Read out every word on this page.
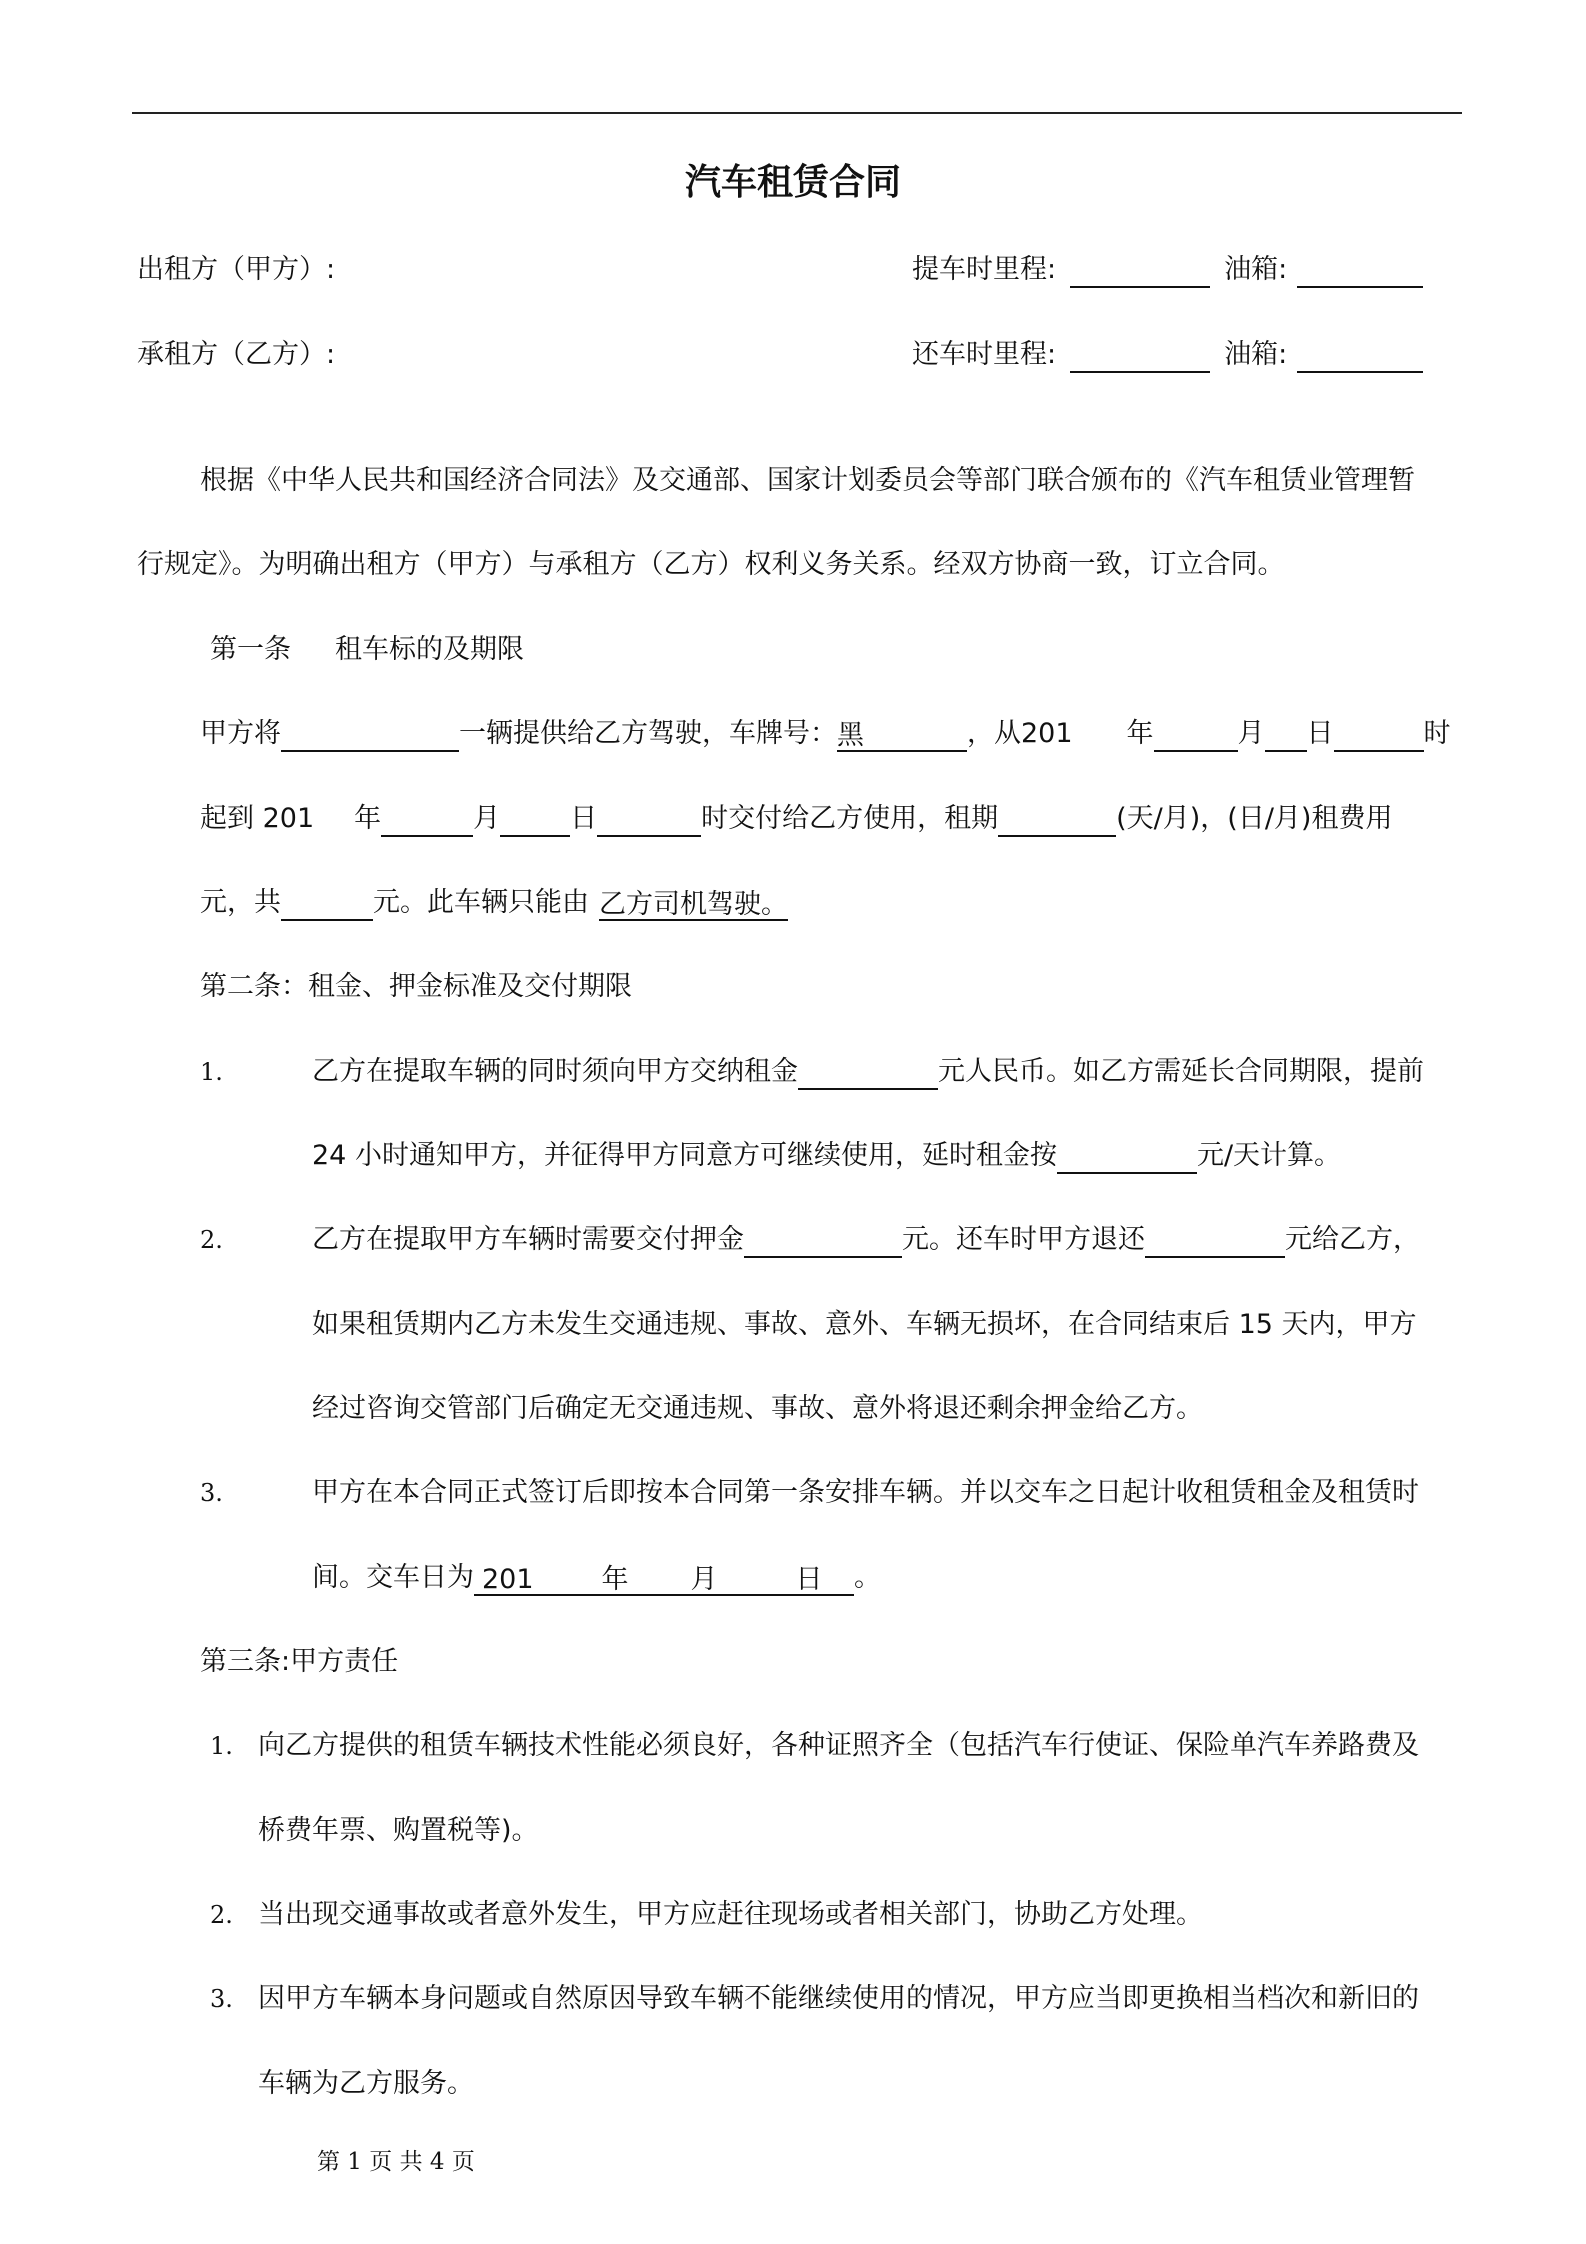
汽车租赁合同
出租方（甲方）:	提车时里程:	油箱:
承租方（乙方）:	还车时里程:	油箱:
根据《中华人民共和国经济合同法》及交通部、国家计划委员会等部门联合颁布的《汽车租赁业管理暂
行规定》。为明确出租方（甲方）与承租方（乙方）权利义务关系。经双方协商一致，订立合同。
第一条 租车标的及期限
甲方将	一辆提供给乙方驾驶，车牌号：黑	，从201 年	月 日	时
起到 201 年	月	日	时交付给乙方使用，租期	(天/月)，(日/月)租费用
元，共	元。此车辆只能由 乙方司机驾驶。
第二条：租金、押金标准及交付期限
1.	乙方在提取车辆的同时须向甲方交纳租金	元人民币。如乙方需延长合同期限，提前
24 小时通知甲方，并征得甲方同意方可继续使用，延时租金按	元/天计算。
2.	乙方在提取甲方车辆时需要交付押金	元。还车时甲方退还	元给乙方，
如果租赁期内乙方未发生交通违规、事故、意外、车辆无损坏，在合同结束后 15 天内，甲方
经过咨询交管部门后确定无交通违规、事故、意外将退还剩余押金给乙方。
3.	甲方在本合同正式签订后即按本合同第一条安排车辆。并以交车之日起计收租赁租金及租赁时
间。交车日为 201	年 月	日 。
第三条:甲方责任
1. 向乙方提供的租赁车辆技术性能必须良好，各种证照齐全（包括汽车行使证、保险单汽车养路费及
桥费年票、购置税等)。
2. 当出现交通事故或者意外发生，甲方应赶往现场或者相关部门，协助乙方处理。
3. 因甲方车辆本身问题或自然原因导致车辆不能继续使用的情况，甲方应当即更换相当档次和新旧的
车辆为乙方服务。
第 1 页 共 4 页
